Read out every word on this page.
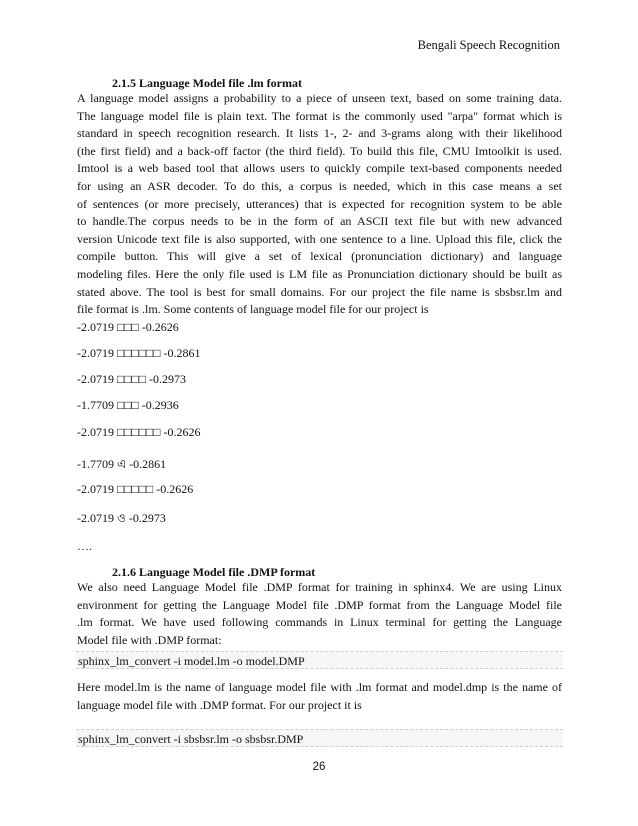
Bengali Speech Recognition
2.1.5 Language Model file .lm format
A language model assigns a probability to a piece of unseen text, based on some training data.
The language model file is plain text. The format is the commonly used "arpa" format which is
standard in speech recognition research. It lists 1-, 2- and 3-grams along with their likelihood
(the first field) and a back-off factor (the third field). To build this file, CMU Imtoolkit is used.
Imtool is a web based tool that allows users to quickly compile text-based components needed
for using an ASR decoder. To do this, a corpus is needed, which in this case means a set
of sentences (or more precisely, utterances) that is expected for recognition system to be able
to handle.The corpus needs to be in the form of an ASCII text file but with new advanced
version Unicode text file is also supported, with one sentence to a line. Upload this file, click the
compile button. This will give a set of lexical (pronunciation dictionary) and language
modeling files. Here the only file used is LM file as Pronunciation dictionary should be built as
stated above. The tool is best for small domains. For our project the file name is sbsbsr.lm and
file format is .lm. Some contents of language model file for our project is
-2.0719 □□□ -0.2626
-2.0719 □□□□□□ -0.2861
-2.0719 □□□□ -0.2973
-1.7709 □□□ -0.2936
-2.0719 □□□□□□ -0.2626
-1.7709 এ -0.2861
-2.0719 □□□□□ -0.2626
-2.0719 ও -0.2973
….
2.1.6 Language Model file .DMP format
We also need Language Model file .DMP format for training in sphinx4. We are using Linux
environment for getting the Language Model file .DMP format from the Language Model file
.lm format. We have used following commands in Linux terminal for getting the Language
Model file with .DMP format:
sphinx_lm_convert -i model.lm -o model.DMP
Here model.lm is the name of language model file with .lm format and model.dmp is the name of
language model file with .DMP format. For our project it is
sphinx_lm_convert -i sbsbsr.lm -o sbsbsr.DMP
26
